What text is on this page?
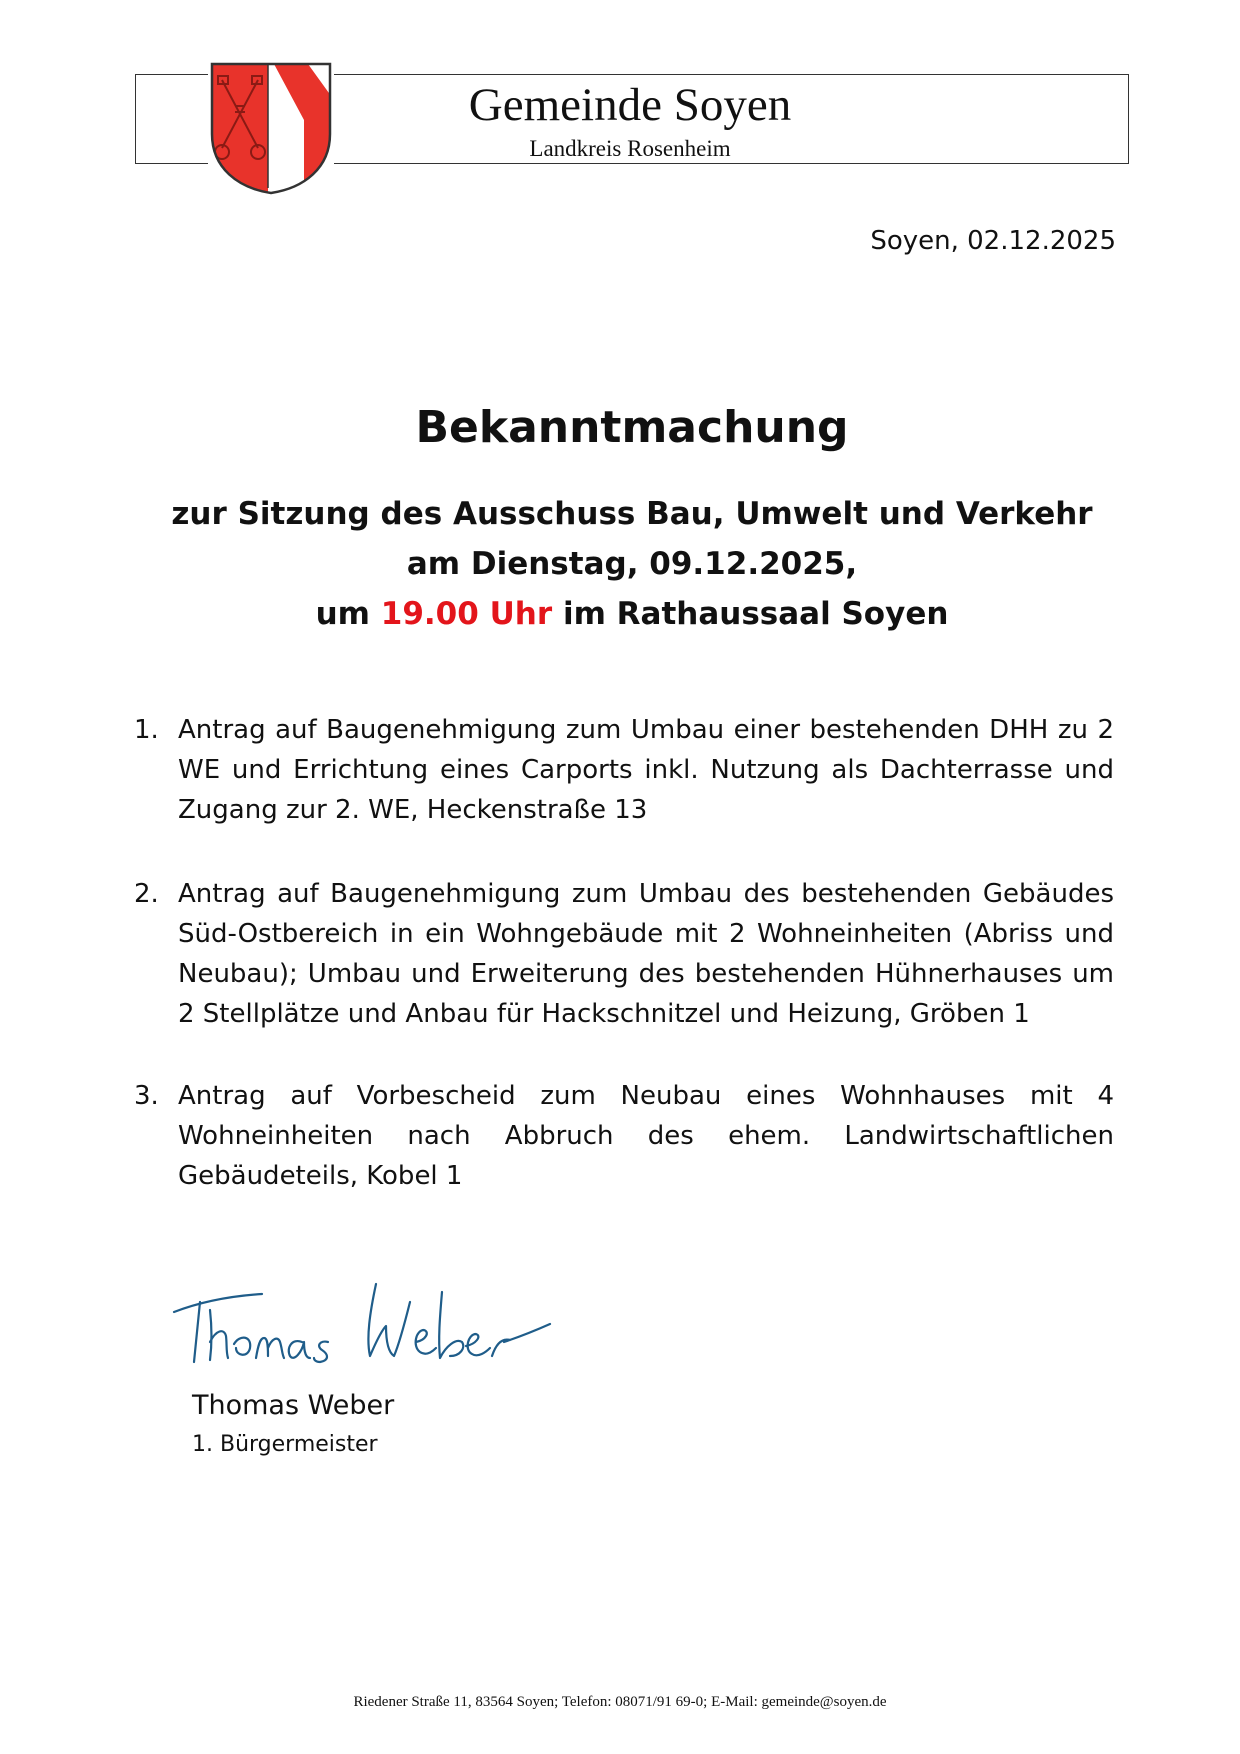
Gemeinde Soyen
Landkreis Rosenheim
Soyen, 02.12.2025
Bekanntmachung
zur Sitzung des Ausschuss Bau, Umwelt und Verkehr
am Dienstag, 09.12.2025,
um 19.00 Uhr im Rathaussaal Soyen
1. Antrag auf Baugenehmigung zum Umbau einer bestehenden DHH zu 2 WE und Errichtung eines Carports inkl. Nutzung als Dachterrasse und Zugang zur 2. WE, Heckenstraße 13
2. Antrag auf Baugenehmigung zum Umbau des bestehenden Gebäudes Süd-Ostbereich in ein Wohngebäude mit 2 Wohneinheiten (Abriss und Neubau); Umbau und Erweiterung des bestehenden Hühnerhauses um 2 Stellplätze und Anbau für Hackschnitzel und Heizung, Gröben 1
3. Antrag auf Vorbescheid zum Neubau eines Wohnhauses mit 4 Wohneinheiten nach Abbruch des ehem. Landwirtschaftlichen Gebäudeteils, Kobel 1
Thomas Weber
1. Bürgermeister
Riedener Straße 11, 83564 Soyen; Telefon: 08071/91 69-0; E-Mail: gemeinde@soyen.de
